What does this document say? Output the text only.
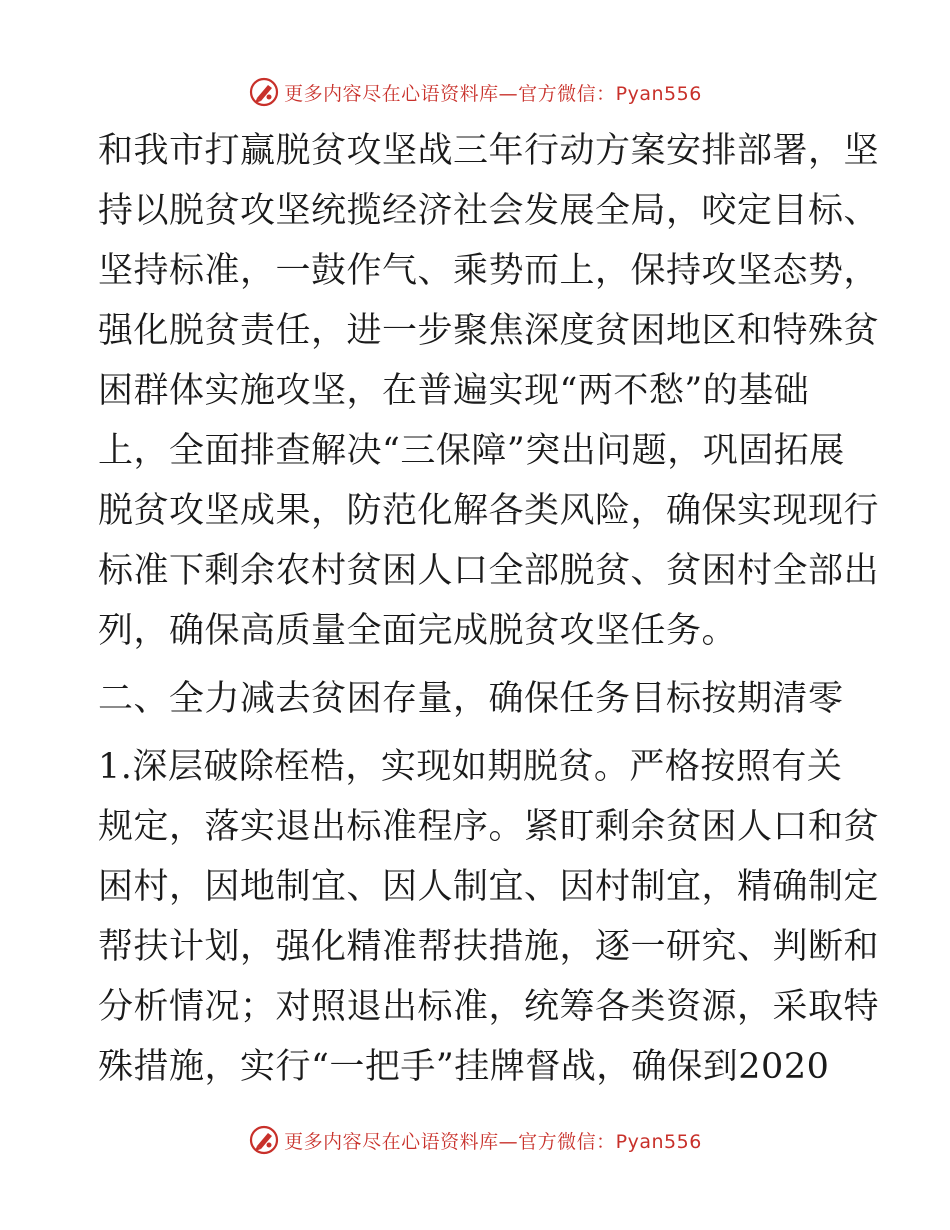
更多内容尽在心语资料库—官方微信：Pyan556
和我市打赢脱贫攻坚战三年行动方案安排部署，坚
持以脱贫攻坚统揽经济社会发展全局，咬定目标、
坚持标准，一鼓作气、乘势而上，保持攻坚态势，
强化脱贫责任，进一步聚焦深度贫困地区和特殊贫
困群体实施攻坚，在普遍实现“两不愁”的基础
上，全面排查解决“三保障”突出问题，巩固拓展
脱贫攻坚成果，防范化解各类风险，确保实现现行
标准下剩余农村贫困人口全部脱贫、贫困村全部出
列，确保高质量全面完成脱贫攻坚任务。
二、全力减去贫困存量，确保任务目标按期清零
1.深层破除桎梏，实现如期脱贫。严格按照有关
规定，落实退出标准程序。紧盯剩余贫困人口和贫
困村，因地制宜、因人制宜、因村制宜，精确制定
帮扶计划，强化精准帮扶措施，逐一研究、判断和
分析情况；对照退出标准，统筹各类资源，采取特
殊措施，实行“一把手”挂牌督战，确保到2020
更多内容尽在心语资料库—官方微信：Pyan556
